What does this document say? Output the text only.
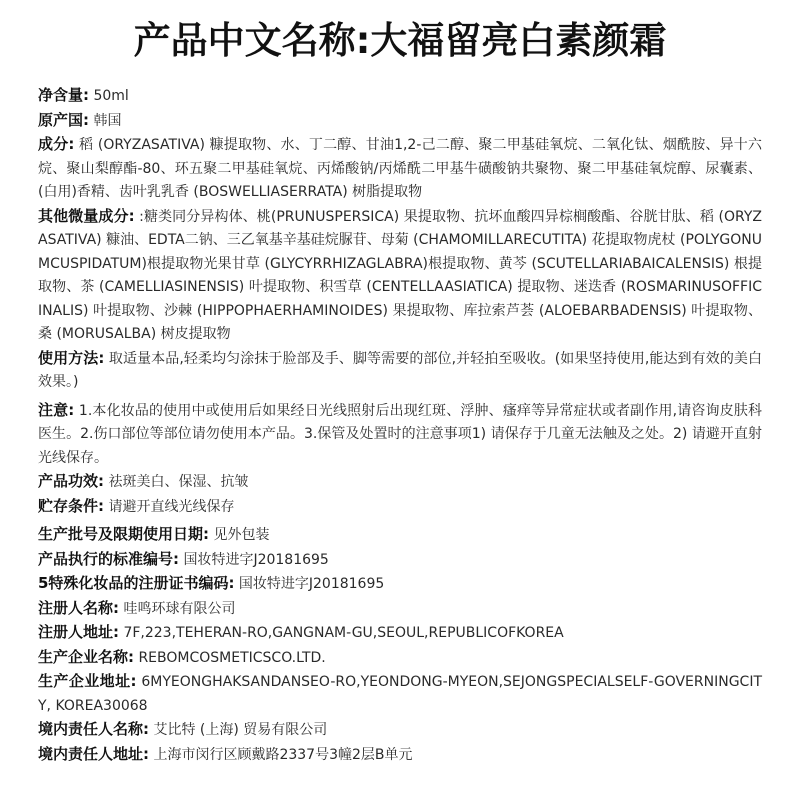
产品中文名称:大福留亮白素颜霜

净含量: 50ml

原产国: 韩国

成分: 稻 (ORYZASATIVA) 糠提取物、水、丁二醇、甘油1,2-己二醇、聚二甲基硅氧烷、二氧化钛、烟酰胺、异十六烷、聚山梨醇酯-80、环五聚二甲基硅氧烷、丙烯酸钠/丙烯酰二甲基牛磺酸钠共聚物、聚二甲基硅氧烷醇、尿囊素、(白用)香精、齿叶乳乳香 (BOSWELLIASERRATA) 树脂提取物

其他微量成分: :糖类同分异构体、桃(PRUNUSPERSICA) 果提取物、抗坏血酸四异棕榈酸酯、谷胱甘肽、稻 (ORYZASATIVA) 糠油、EDTA二钠、三乙氧基辛基硅烷脲苷、母菊 (CHAMOMILLARECUTITA) 花提取物虎杖 (POLYGONUMCUSPIDATUM)根提取物光果甘草 (GLYCYRRHIZAGLABRA)根提取物、黄芩 (SCUTELLARIABAICALENSIS) 根提取物、茶 (CAMELLIASINENSIS) 叶提取物、积雪草 (CENTELLAASIATICA) 提取物、迷迭香 (ROSMARINUSOFFICINALIS) 叶提取物、沙棘 (HIPPOPHAERHAMINOIDES) 果提取物、库拉索芦荟 (ALOEBARBADENSIS) 叶提取物、桑 (MORUSALBA) 树皮提取物

使用方法: 取适量本品,轻柔均匀涂抹于脸部及手、脚等需要的部位,并轻拍至吸收。(如果坚持使用,能达到有效的美白效果。)

注意: 1.本化妆品的使用中或使用后如果经日光线照射后出现红斑、浮肿、瘙痒等异常症状或者副作用,请咨询皮肤科医生。2.伤口部位等部位请勿使用本产品。3.保管及处置时的注意事项1) 请保存于几童无法触及之处。2) 请避开直射光线保存。

产品功效: 祛斑美白、保湿、抗皱

贮存条件: 请避开直线光线保存

生产批号及限期使用日期: 见外包装

产品执行的标准编号: 国妆特进字J20181695

5特殊化妆品的注册证书编码: 国妆特进字J20181695

注册人名称: 哇鸣环球有限公司

注册人地址: 7F,223,TEHERAN-RO,GANGNAM-GU,SEOUL,REPUBLICOFKOREA

生产企业名称: REBOMCOSMETICSCO.LTD.

生产企业地址: 6MYEONGHAKSANDANSEO-RO,YEONDONG-MYEON,SEJONGSPECIALSELF-GOVERNINGCITY, KOREA30068

境内责任人名称: 艾比特 (上海) 贸易有限公司

境内责任人地址: 上海市闵行区顾戴路2337号3幢2层B单元
